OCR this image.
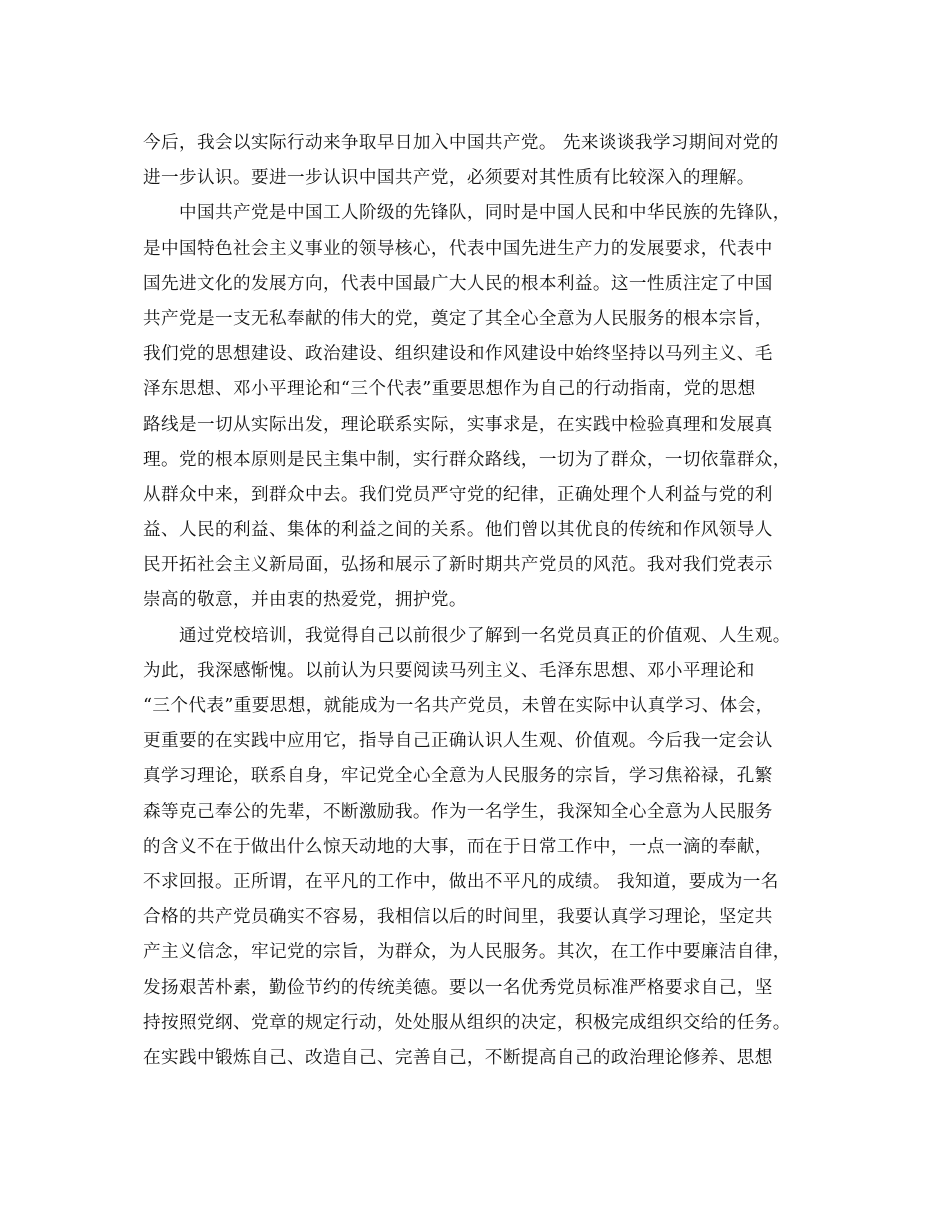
今后，我会以实际行动来争取早日加入中国共产党。 先来谈谈我学习期间对党的
进一步认识。要进一步认识中国共产党，必须要对其性质有比较深入的理解。
中国共产党是中国工人阶级的先锋队，同时是中国人民和中华民族的先锋队，
是中国特色社会主义事业的领导核心，代表中国先进生产力的发展要求，代表中
国先进文化的发展方向，代表中国最广大人民的根本利益。这一性质注定了中国
共产党是一支无私奉献的伟大的党，奠定了其全心全意为人民服务的根本宗旨，
我们党的思想建设、政治建设、组织建设和作风建设中始终坚持以马列主义、毛
泽东思想、邓小平理论和“三个代表”重要思想作为自己的行动指南，党的思想
路线是一切从实际出发，理论联系实际，实事求是，在实践中检验真理和发展真
理。党的根本原则是民主集中制，实行群众路线，一切为了群众，一切依靠群众，
从群众中来，到群众中去。我们党员严守党的纪律，正确处理个人利益与党的利
益、人民的利益、集体的利益之间的关系。他们曾以其优良的传统和作风领导人
民开拓社会主义新局面，弘扬和展示了新时期共产党员的风范。我对我们党表示
崇高的敬意，并由衷的热爱党，拥护党。
通过党校培训，我觉得自己以前很少了解到一名党员真正的价值观、人生观。
为此，我深感惭愧。以前认为只要阅读马列主义、毛泽东思想、邓小平理论和
“三个代表”重要思想，就能成为一名共产党员，未曾在实际中认真学习、体会，
更重要的在实践中应用它，指导自己正确认识人生观、价值观。今后我一定会认
真学习理论，联系自身，牢记党全心全意为人民服务的宗旨，学习焦裕禄，孔繁
森等克己奉公的先辈，不断激励我。作为一名学生，我深知全心全意为人民服务
的含义不在于做出什么惊天动地的大事，而在于日常工作中，一点一滴的奉献，
不求回报。正所谓，在平凡的工作中，做出不平凡的成绩。 我知道，要成为一名
合格的共产党员确实不容易，我相信以后的时间里，我要认真学习理论，坚定共
产主义信念，牢记党的宗旨，为群众，为人民服务。其次，在工作中要廉洁自律，
发扬艰苦朴素，勤俭节约的传统美德。要以一名优秀党员标准严格要求自己，坚
持按照党纲、党章的规定行动，处处服从组织的决定，积极完成组织交给的任务。
在实践中锻炼自己、改造自己、完善自己，不断提高自己的政治理论修养、思想
